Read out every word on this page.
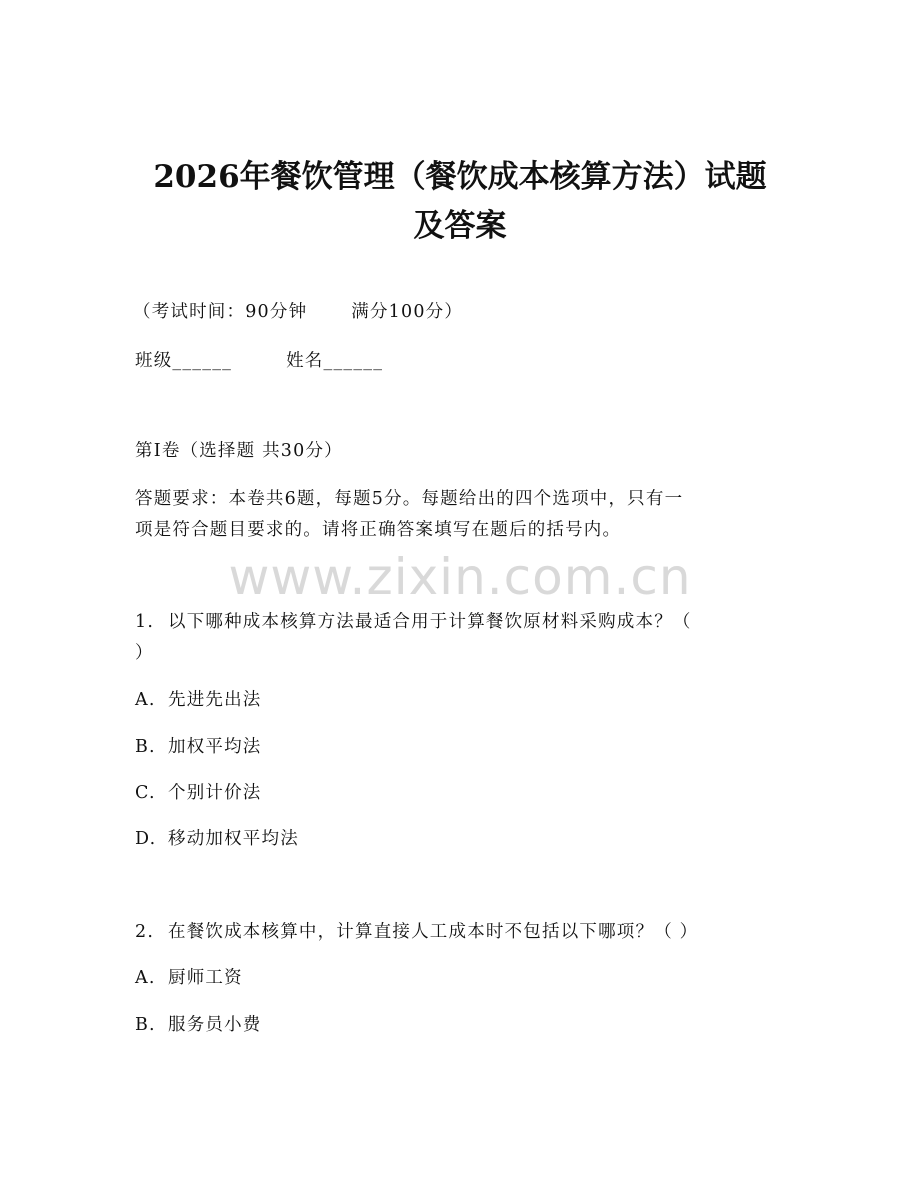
2026年餐饮管理（餐饮成本核算方法）试题
及答案
（考试时间：90分钟	满分100分）
班级______	姓名______
第Ⅰ卷（选择题 共30分）
答题要求：本卷共6题，每题5分。每题给出的四个选项中，只有一
项是符合题目要求的。请将正确答案填写在题后的括号内。
www.zixin.com.cn
1. 以下哪种成本核算方法最适合用于计算餐饮原材料采购成本？（
）
A. 先进先出法
B. 加权平均法
C. 个别计价法
D. 移动加权平均法
2. 在餐饮成本核算中，计算直接人工成本时不包括以下哪项？（ ）
A. 厨师工资
B. 服务员小费
